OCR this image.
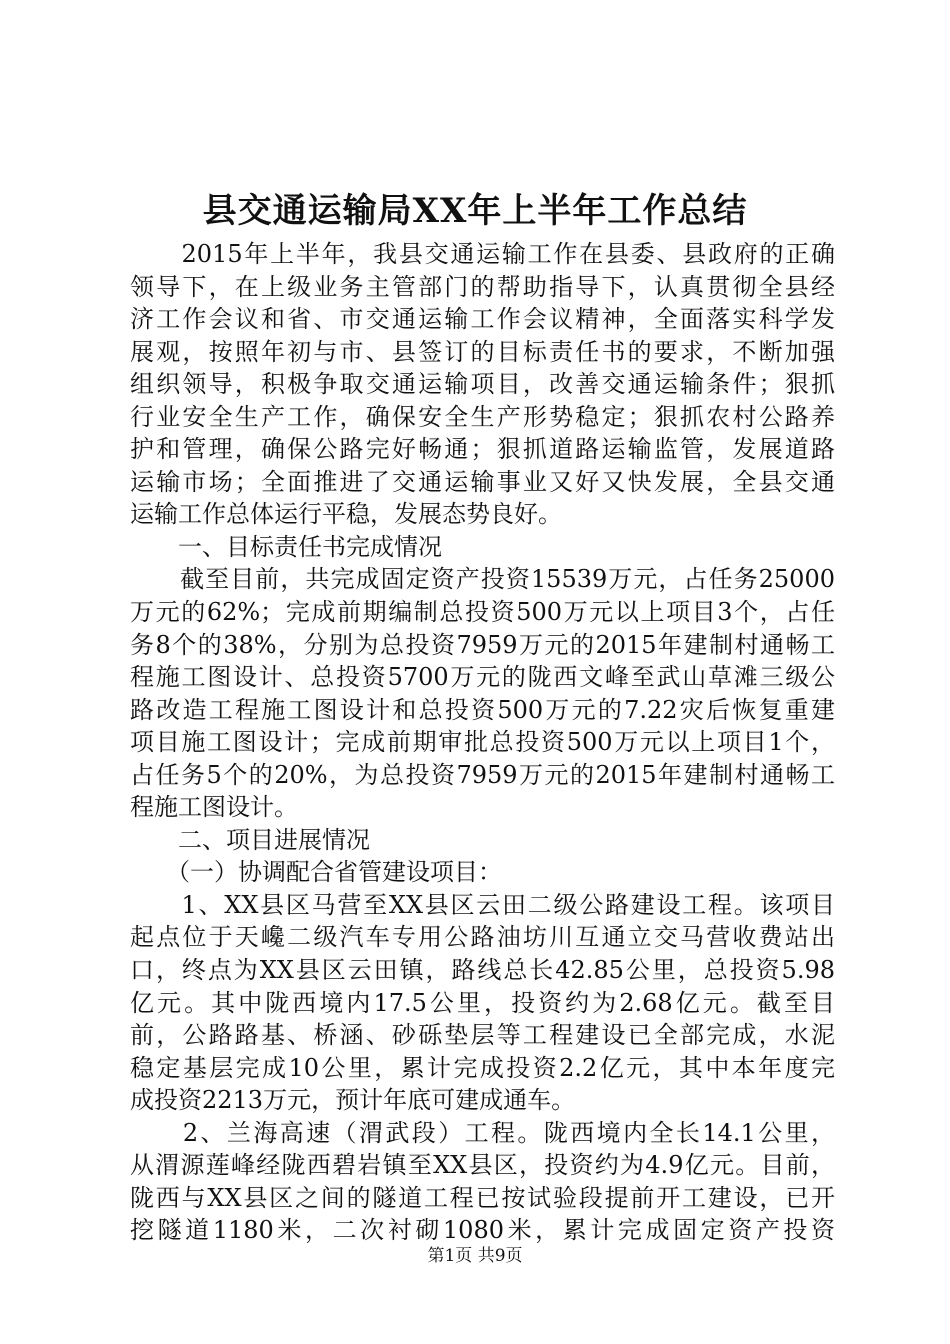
县交通运输局XX年上半年工作总结
　　2015年上半年，我县交通运输工作在县委、县政府的正确
领导下，在上级业务主管部门的帮助指导下，认真贯彻全县经
济工作会议和省、市交通运输工作会议精神，全面落实科学发
展观，按照年初与市、县签订的目标责任书的要求，不断加强
组织领导，积极争取交通运输项目，改善交通运输条件；狠抓
行业安全生产工作，确保安全生产形势稳定；狠抓农村公路养
护和管理，确保公路完好畅通；狠抓道路运输监管，发展道路
运输市场；全面推进了交通运输事业又好又快发展，全县交通
运输工作总体运行平稳，发展态势良好。
　　一、目标责任书完成情况
　　截至目前，共完成固定资产投资15539万元，占任务25000
万元的62%；完成前期编制总投资500万元以上项目3个，占任
务8个的38%，分别为总投资7959万元的2015年建制村通畅工
程施工图设计、总投资5700万元的陇西文峰至武山草滩三级公
路改造工程施工图设计和总投资500万元的7.22灾后恢复重建
项目施工图设计；完成前期审批总投资500万元以上项目1个，
占任务5个的20%，为总投资7959万元的2015年建制村通畅工
程施工图设计。
　　二、项目进展情况
　　（一）协调配合省管建设项目：
　　1、XX县区马营至XX县区云田二级公路建设工程。该项目
起点位于天巉二级汽车专用公路油坊川互通立交马营收费站出
口，终点为XX县区云田镇，路线总长42.85公里，总投资5.98
亿元。其中陇西境内17.5公里，投资约为2.68亿元。截至目
前，公路路基、桥涵、砂砾垫层等工程建设已全部完成，水泥
稳定基层完成10公里，累计完成投资2.2亿元，其中本年度完
成投资2213万元，预计年底可建成通车。
　　2、兰海高速（渭武段）工程。陇西境内全长14.1公里，
从渭源莲峰经陇西碧岩镇至XX县区，投资约为4.9亿元。目前，
陇西与XX县区之间的隧道工程已按试验段提前开工建设，已开
挖隧道1180米，二次衬砌1080米，累计完成固定资产投资
第1页 共9页
